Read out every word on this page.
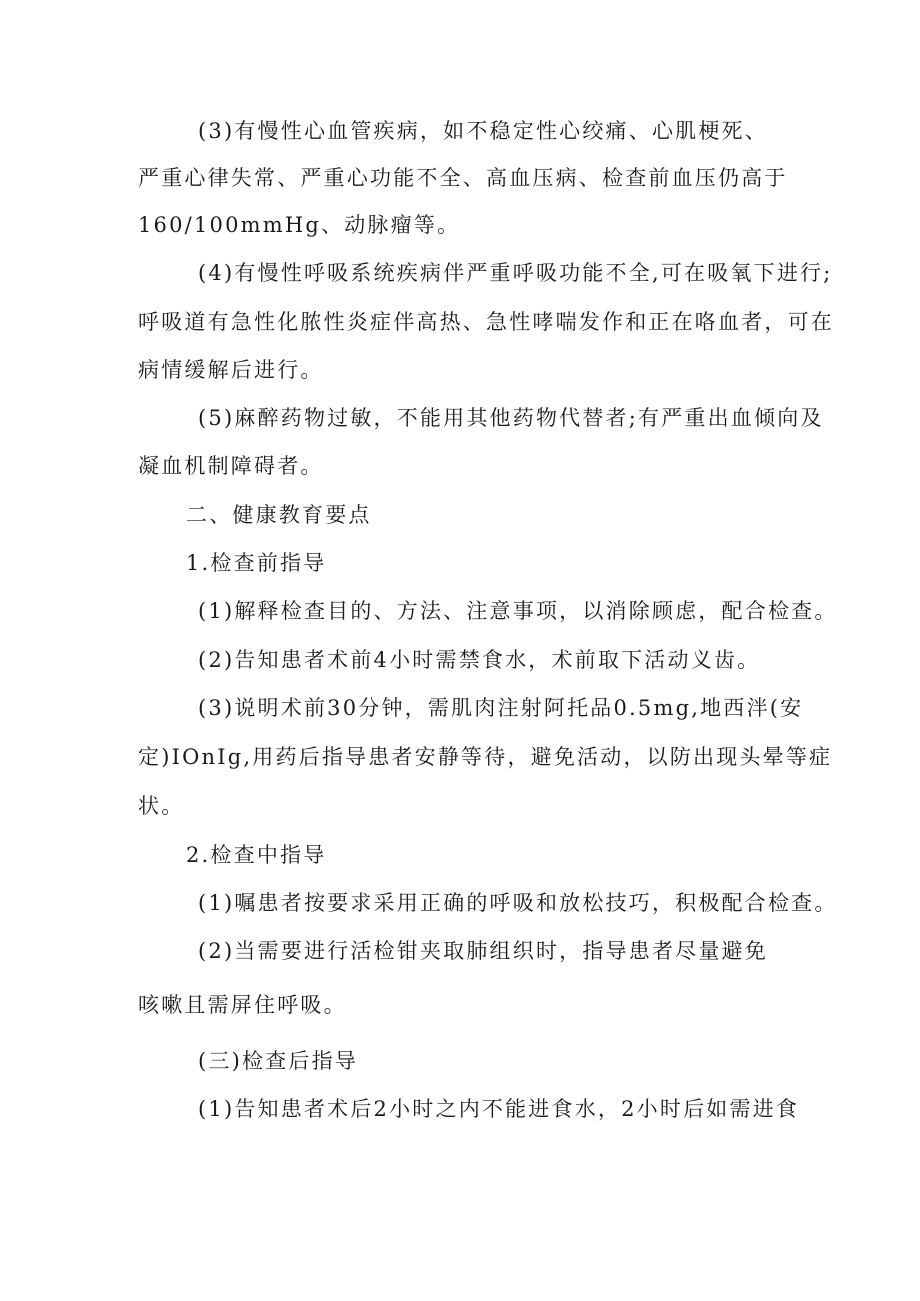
(3)有慢性心血管疾病，如不稳定性心绞痛、心肌梗死、
严重心律失常、严重心功能不全、高血压病、检查前血压仍高于
160/100mmHg、动脉瘤等。
(4)有慢性呼吸系统疾病伴严重呼吸功能不全,可在吸氧下进行;
呼吸道有急性化脓性炎症伴高热、急性哮喘发作和正在咯血者，可在
病情缓解后进行。
(5)麻醉药物过敏，不能用其他药物代替者;有严重出血倾向及
凝血机制障碍者。
二、健康教育要点
1.检查前指导
(1)解释检查目的、方法、注意事项，以消除顾虑，配合检查。
(2)告知患者术前4小时需禁食水，术前取下活动义齿。
(3)说明术前30分钟，需肌肉注射阿托品0.5mg,地西泮(安
定)IOnIg,用药后指导患者安静等待，避免活动，以防出现头晕等症
状。
2.检查中指导
(1)嘱患者按要求采用正确的呼吸和放松技巧，积极配合检查。
(2)当需要进行活检钳夹取肺组织时，指导患者尽量避免
咳嗽且需屏住呼吸。
(三)检查后指导
(1)告知患者术后2小时之内不能进食水，2小时后如需进食
